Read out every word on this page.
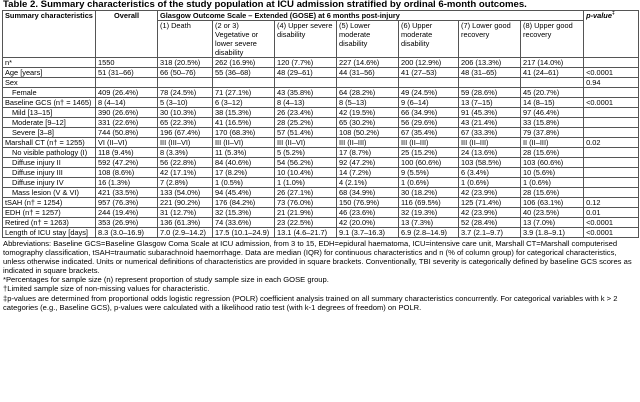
Table 2. Summary characteristics of the study population at ICU admission stratified by ordinal 6-month outcomes.
Summary characteristics	Overall	Glasgow Outcome Scale – Extended (GOSE) at 6 months post-injury							p-value‡
		(1) Death	(2 or 3) Vegetative or lower severe disability	(4) Upper severe disability	(5) Lower moderate disability	(6) Upper moderate disability	(7) Lower good recovery	(8) Upper good recovery	
n*	1550	318 (20.5%)	262 (16.9%)	120 (7.7%)	227 (14.6%)	200 (12.9%)	206 (13.3%)	217 (14.0%)	
Age [years]	51 (31–66)	66 (50–76)	55 (36–68)	48 (29–61)	44 (31–56)	41 (27–53)	48 (31–65)	41 (24–61)	<0.0001
Sex									0.94
Female	409 (26.4%)	78 (24.5%)	71 (27.1%)	43 (35.8%)	64 (28.2%)	49 (24.5%)	59 (28.6%)	45 (20.7%)	
Baseline GCS (n† = 1465)	8 (4–14)	5 (3–10)	6 (3–12)	8 (4–13)	8 (5–13)	9 (6–14)	13 (7–15)	14 (8–15)	<0.0001
Mild [13–15]	390 (26.6%)	30 (10.3%)	38 (15.3%)	26 (23.4%)	42 (19.5%)	66 (34.9%)	91 (45.3%)	97 (46.4%)	
Moderate [9–12]	331 (22.6%)	65 (22.3%)	41 (16.5%)	28 (25.2%)	65 (30.2%)	56 (29.6%)	43 (21.4%)	33 (15.8%)	
Severe [3–8]	744 (50.8%)	196 (67.4%)	170 (68.3%)	57 (51.4%)	108 (50.2%)	67 (35.4%)	67 (33.3%)	79 (37.8%)	
Marshall CT (n† = 1255)	VI (II–VI)	III (III–VI)	III (II–VI)	III (II–VI)	III (II–III)	III (II–III)	III (II–III)	II (II–III)	0.02
No visible pathology (I)	118 (9.4%)	8 (3.3%)	11 (5.3%)	5 (5.2%)	17 (8.7%)	25 (15.2%)	24 (13.6%)	28 (15.6%)	
Diffuse injury II	592 (47.2%)	56 (22.8%)	84 (40.6%)	54 (56.2%)	92 (47.2%)	100 (60.6%)	103 (58.5%)	103 (60.6%)	
Diffuse injury III	108 (8.6%)	42 (17.1%)	17 (8.2%)	10 (10.4%)	14 (7.2%)	9 (5.5%)	6 (3.4%)	10 (5.6%)	
Diffuse injury IV	16 (1.3%)	7 (2.8%)	1 (0.5%)	1 (1.0%)	4 (2.1%)	1 (0.6%)	1 (0.6%)	1 (0.6%)	
Mass lesion (V & VI)	421 (33.5%)	133 (54.0%)	94 (45.4%)	26 (27.1%)	68 (34.9%)	30 (18.2%)	42 (23.9%)	28 (15.6%)	
tSAH (n† = 1254)	957 (76.3%)	221 (90.2%)	176 (84.2%)	73 (76.0%)	150 (76.9%)	116 (69.5%)	125 (71.4%)	106 (63.1%)	0.12
EDH (n† = 1257)	244 (19.4%)	31 (12.7%)	32 (15.3%)	21 (21.9%)	46 (23.6%)	32 (19.3%)	42 (23.9%)	40 (23.5%)	0.01
Retired (n† = 1263)	353 (26.9%)	136 (61.3%)	74 (33.6%)	23 (22.5%)	42 (20.0%)	13 (7.3%)	52 (28.4%)	13 (7.0%)	<0.0001
Length of ICU stay [days]	8.3 (3.0–16.9)	7.0 (2.9–14.2)	17.5 (10.1–24.9)	13.1 (4.6–21.7)	9.1 (3.7–16.3)	6.9 (2.8–14.9)	3.7 (2.1–9.7)	3.9 (1.8–9.1)	<0.0001

Abbreviations: Baseline GCS=Baseline Glasgow Coma Scale at ICU admission, from 3 to 15, EDH=epidural haematoma, ICU=intensive care unit, Marshall CT=Marshall computerised tomography classification, tSAH=traumatic subarachnoid haemorrhage. Data are median (IQR) for continuous characteristics and n (% of column group) for categorical characteristics, unless otherwise indicated. Units or numerical definitions of characteristics are provided in square brackets. Conventionally, TBI severity is categorically defined by baseline GCS scores as indicated in square brackets.

*Percentages for sample size (n) represent proportion of study sample size in each GOSE group.

†Limited sample size of non-missing values for characteristic.

‡p-values are determined from proportional odds logistic regression (POLR) coefficient analysis trained on all summary characteristics concurrently. For categorical variables with k > 2 categories (e.g., Baseline GCS), p-values were calculated with a likelihood ratio test (with k-1 degrees of freedom) on POLR.
